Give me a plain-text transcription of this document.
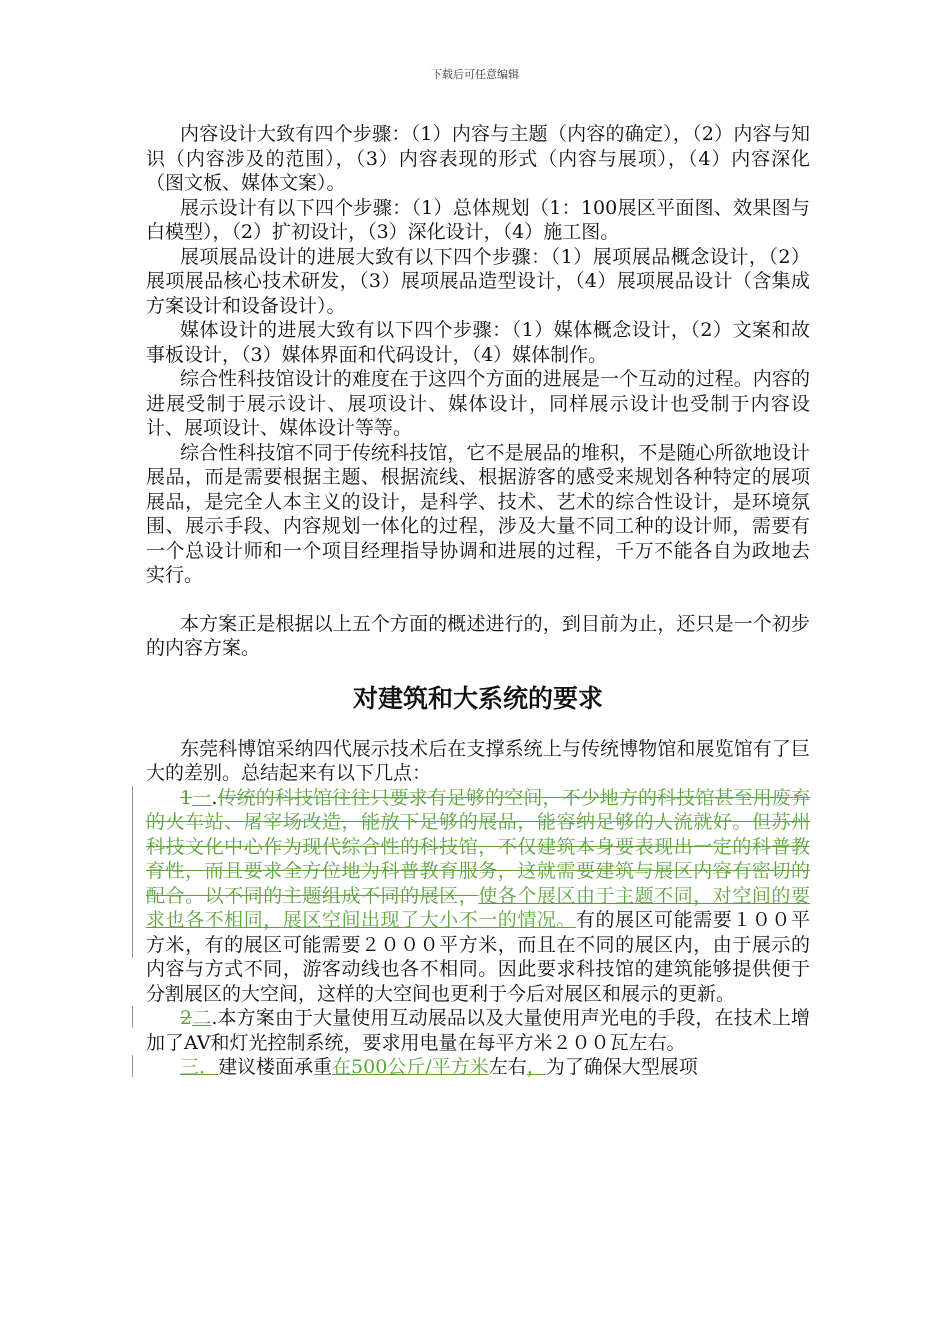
下载后可任意编辑

内容设计大致有四个步骤：（1）内容与主题（内容的确定），（2）内容与知识（内容涉及的范围），（3）内容表现的形式（内容与展项），（4）内容深化（图文板、媒体文案）。

展示设计有以下四个步骤：（1）总体规划（1：100展区平面图、效果图与白模型），（2）扩初设计，（3）深化设计，（4）施工图。

展项展品设计的进展大致有以下四个步骤：（1）展项展品概念设计，（2）展项展品核心技术研发，（3）展项展品造型设计，（4）展项展品设计（含集成方案设计和设备设计）。

媒体设计的进展大致有以下四个步骤：（1）媒体概念设计，（2）文案和故事板设计，（3）媒体界面和代码设计，（4）媒体制作。

综合性科技馆设计的难度在于这四个方面的进展是一个互动的过程。内容的进展受制于展示设计、展项设计、媒体设计，同样展示设计也受制于内容设计、展项设计、媒体设计等等。

综合性科技馆不同于传统科技馆，它不是展品的堆积，不是随心所欲地设计展品，而是需要根据主题、根据流线、根据游客的感受来规划各种特定的展项展品，是完全人本主义的设计，是科学、技术、艺术的综合性设计，是环境氛围、展示手段、内容规划一体化的过程，涉及大量不同工种的设计师，需要有一个总设计师和一个项目经理指导协调和进展的过程，千万不能各自为政地去实行。

本方案正是根据以上五个方面的概述进行的，到目前为止，还只是一个初步的内容方案。

对建筑和大系统的要求

东莞科博馆采纳四代展示技术后在支撑系统上与传统博物馆和展览馆有了巨大的差别。总结起来有以下几点：

1一.传统的科技馆往往只要求有足够的空间，不少地方的科技馆甚至用废弃的火车站、屠宰场改造，能放下足够的展品，能容纳足够的人流就好。但苏州科技文化中心作为现代综合性的科技馆，不仅建筑本身要表现出一定的科普教育性，而且要求全方位地为科普教育服务，这就需要建筑与展区内容有密切的配合。以不同的主题组成不同的展区，使各个展区由于主题不同，对空间的要求也各不相同，展区空间出现了大小不一的情况。有的展区可能需要１００平方米，有的展区可能需要２０００平方米，而且在不同的展区内，由于展示的内容与方式不同，游客动线也各不相同。因此要求科技馆的建筑能够提供便于分割展区的大空间，这样的大空间也更利于今后对展区和展示的更新。

2二.本方案由于大量使用互动展品以及大量使用声光电的手段，在技术上增加了AV和灯光控制系统，要求用电量在每平方米２００瓦左右。

三．建议楼面承重在500公斤/平方米左右，为了确保大型展项
